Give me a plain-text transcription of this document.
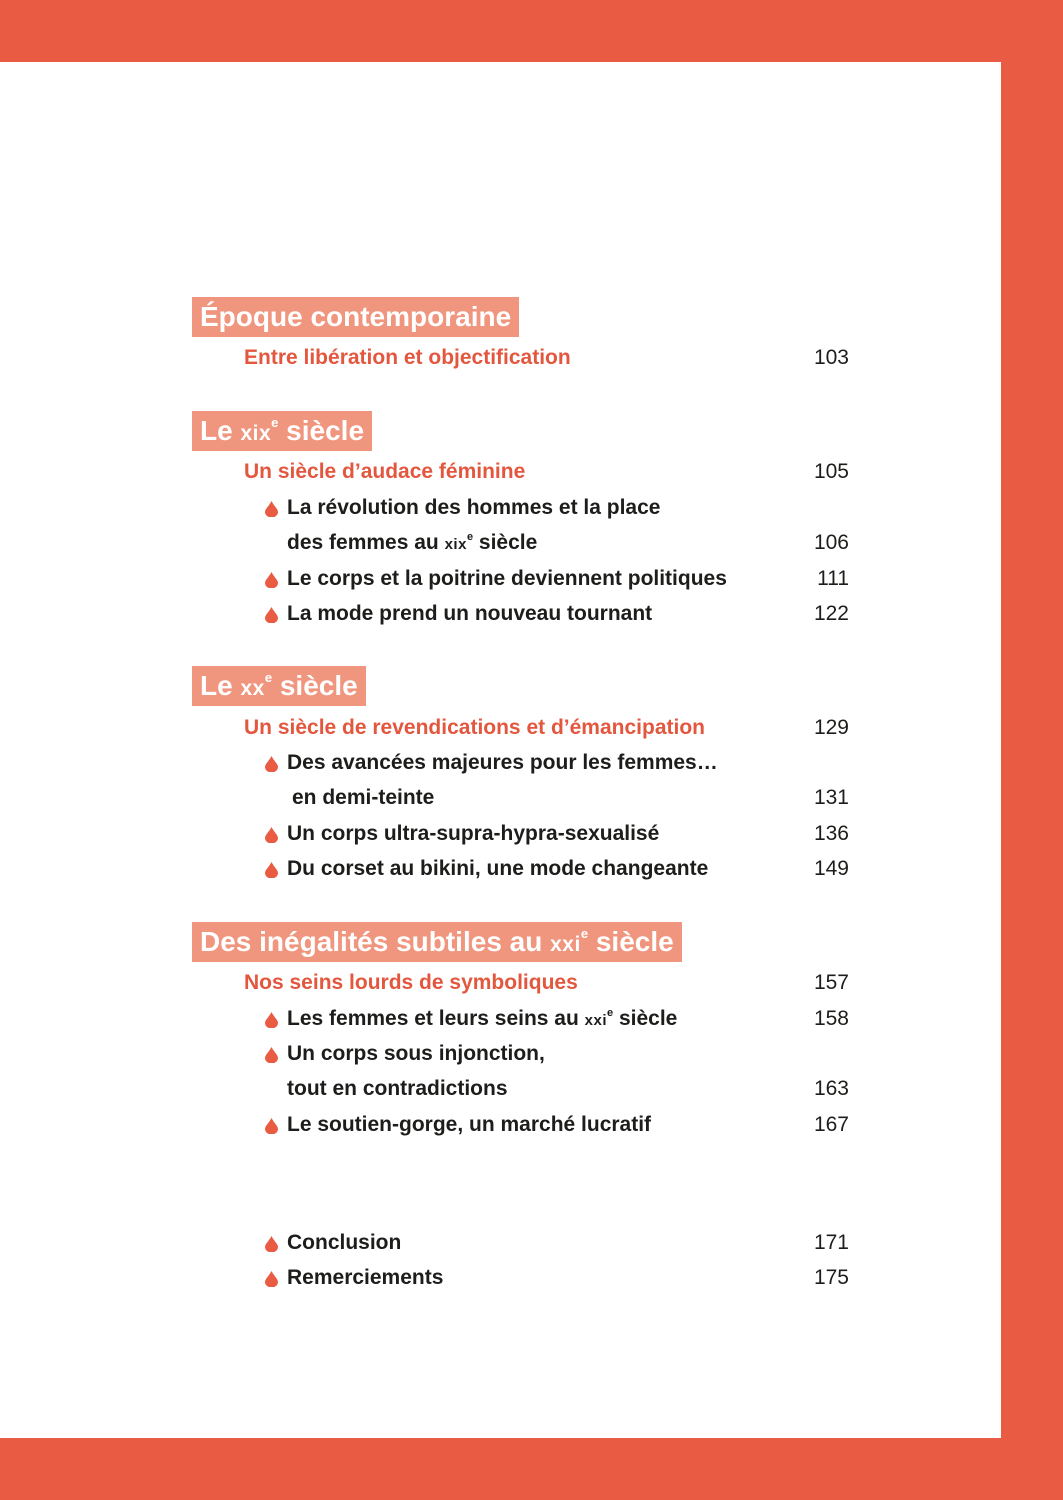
Époque contemporaine
Entre libération et objectification	103
Le xix$^e$ siècle
Un siècle d’audace féminine	105
La révolution des hommes et la place
des femmes au xix$^e$ siècle	106
Le corps et la poitrine deviennent politiques	111
La mode prend un nouveau tournant	122
Le $xx^e$ siècle
Un siècle de revendications et d’émancipation	129
Des avancées majeures pour les femmes…
en demi-teinte	131
Un corps ultra-supra-hypra-sexualisé	136
Du corset au bikini, une mode changeante	149
Des inégalités subtiles au xxi$^e$ siècle
Nos seins lourds de symboliques	157
Les femmes et leurs seins au xxi$^e$ siècle	158
Un corps sous injonction,
tout en contradictions	163
Le soutien-gorge, un marché lucratif	167
Conclusion	171
Remerciements	175
